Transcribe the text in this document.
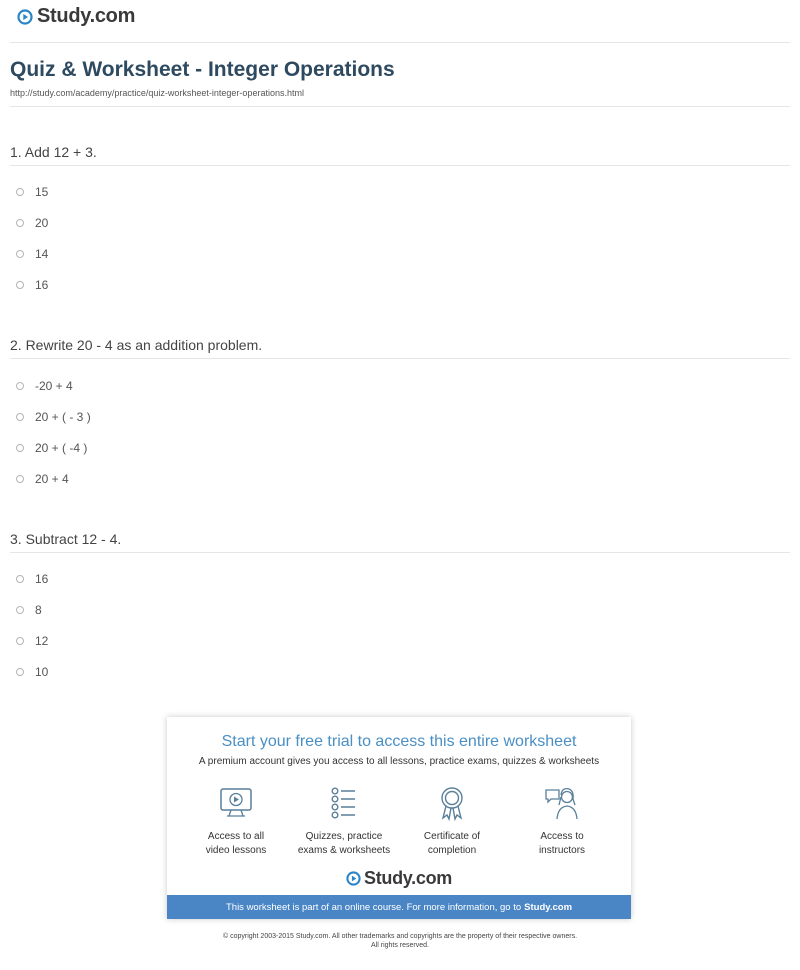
Study.com
Quiz & Worksheet - Integer Operations
http://study.com/academy/practice/quiz-worksheet-integer-operations.html

1. Add 12 + 3.

15
20
14
16

2. Rewrite 20 - 4 as an addition problem.

-20 + 4
20 + ( - 3 )
20 + ( -4 )
20 + 4

3. Subtract 12 - 4.

16
8
12
10
Start your free trial to access this entire worksheet
A premium account gives you access to all lessons, practice exams, quizzes & worksheets
Access to all
video lessons
Quizzes, practice
exams & worksheets
Certificate of
completion
Access to
instructors
Study.com
This worksheet is part of an online course. For more information, go to Study.com
© copyright 2003-2015 Study.com. All other trademarks and copyrights are the property of their respective owners.
All rights reserved.
